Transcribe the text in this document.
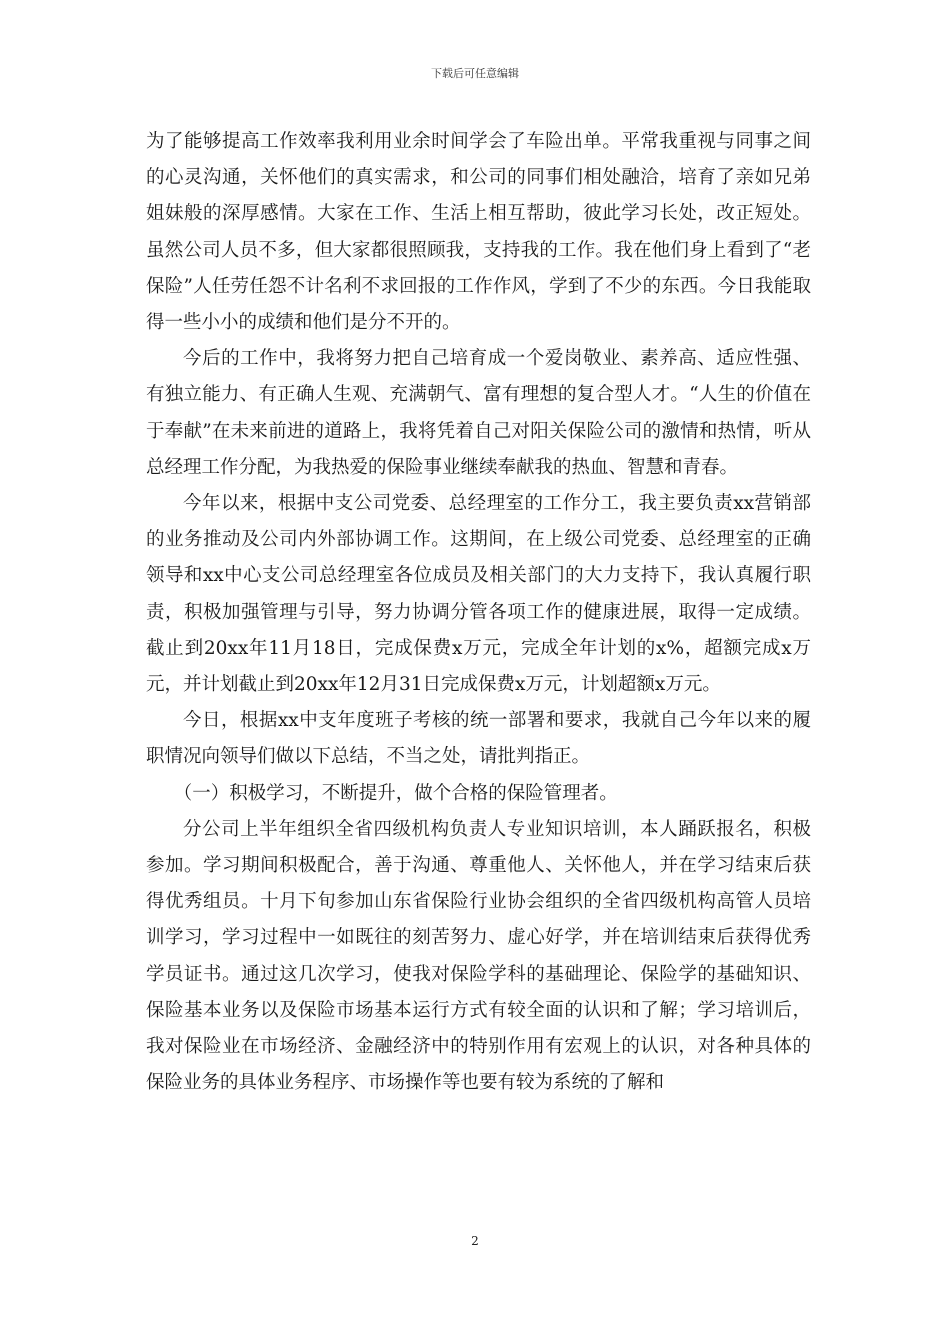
下载后可任意编辑

为了能够提高工作效率我利用业余时间学会了车险出单。平常我重视与同事之间的心灵沟通，关怀他们的真实需求，和公司的同事们相处融洽，培育了亲如兄弟姐妹般的深厚感情。大家在工作、生活上相互帮助，彼此学习长处，改正短处。虽然公司人员不多，但大家都很照顾我，支持我的工作。我在他们身上看到了“老保险”人任劳任怨不计名利不求回报的工作作风，学到了不少的东西。今日我能取得一些小小的成绩和他们是分不开的。

今后的工作中，我将努力把自己培育成一个爱岗敬业、素养高、适应性强、有独立能力、有正确人生观、充满朝气、富有理想的复合型人才。“人生的价值在于奉献”在未来前进的道路上，我将凭着自己对阳关保险公司的激情和热情，听从总经理工作分配，为我热爱的保险事业继续奉献我的热血、智慧和青春。

今年以来，根据中支公司党委、总经理室的工作分工，我主要负责xx营销部的业务推动及公司内外部协调工作。这期间，在上级公司党委、总经理室的正确领导和xx中心支公司总经理室各位成员及相关部门的大力支持下，我认真履行职责，积极加强管理与引导，努力协调分管各项工作的健康进展，取得一定成绩。截止到20xx年11月18日，完成保费x万元，完成全年计划的x%，超额完成x万元，并计划截止到20xx年12月31日完成保费x万元，计划超额x万元。

今日，根据xx中支年度班子考核的统一部署和要求，我就自己今年以来的履职情况向领导们做以下总结，不当之处，请批判指正。

（一）积极学习，不断提升，做个合格的保险管理者。

分公司上半年组织全省四级机构负责人专业知识培训，本人踊跃报名，积极参加。学习期间积极配合，善于沟通、尊重他人、关怀他人，并在学习结束后获得优秀组员。十月下旬参加山东省保险行业协会组织的全省四级机构高管人员培训学习，学习过程中一如既往的刻苦努力、虚心好学，并在培训结束后获得优秀学员证书。通过这几次学习，使我对保险学科的基础理论、保险学的基础知识、保险基本业务以及保险市场基本运行方式有较全面的认识和了解；学习培训后，我对保险业在市场经济、金融经济中的特别作用有宏观上的认识，对各种具体的保险业务的具体业务程序、市场操作等也要有较为系统的了解和

2
